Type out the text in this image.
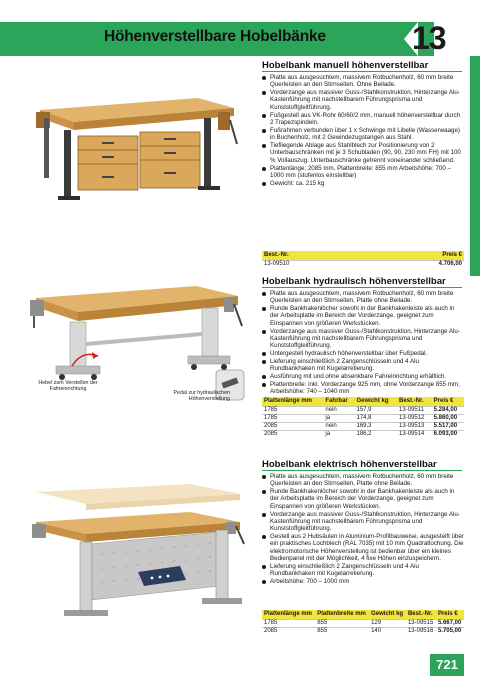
Höhenverstellbare Hobelbänke	13
Hobelbank manuell höhenverstellbar
Platte aus ausgesuchtem, massivem Rotbuchenholz, 60 mm breite Querleisten an den Stirnseiten. Ohne Beilade.
Vorderzange aus massiver Guss-/Stahlkonstruktion, Hinterzange Alu-Kastenführung mit nachstellbarem Führungsprisma und Kunststoffgleitführung.
Fußgestell aus VK-Rohr 60/60/2 mm, manuell höhenverstellbar durch 2 Trapezspindeln.
Fußrahmen verbunden über 1 x Schwinge mit Libelle (Wasserwaage) in Buchenholz, mit 2 Gewindezugstangen aus Stahl.
Tiefliegende Ablage aus Stahlblech zur Positionierung von 2 Unterbauschränken mit je 3 Schubladen (90, 90, 230 mm FH) mit 100 % Vollauszug. Unterbauschränke getrennt voneinander schließend.
Plattenlänge: 2085 mm, Plattenbreite: 855 mm Arbeitshöhe: 700 – 1000 mm (stufenlos einstellbar)
Gewicht: ca. 215 kg
Best.-Nr.	Preis €
13-09510	4.706,00
Hebel zum Verstellen der Fahreinrichtung
Pedal zur hydraulischen Höhenverstellung
Hobelbank hydraulisch höhenverstellbar
Platte aus ausgesuchtem, massivem Rotbuchenholz, 60 mm breite Querleisten an den Stirnseiten, Platte ohne Beilade.
Runde Bankhakenlöcher sowohl in der Bankhakenleiste als auch in der Arbeitsplatte im Bereich der Vorderzange, geeignet zum Einspannen von größeren Werkstücken.
Vorderzange aus massiver Guss-/Stahlkonstruktion, Hinterzange Alu-Kastenführung mit nachstellbarem Führungsprisma und Kunststoffgleitführung.
Untergestell hydraulisch höhenverstellbar über Fußpedal.
Lieferung einschließlich 2 Zangenschlüsseln und 4 Alu Rundbankhaken mit Kugelarretierung.
Ausführung mit und ohne absenkbare Fahreinrichtung erhältlich.
Plattenbreite: inkl. Vorderzange 925 mm, ohne Vorderzange 855 mm, Arbeitshöhe: 740 – 1040 mm
Plattenlänge mm	Fahrbar	Gewicht kg	Best.-Nr.	Preis €
1785	nein	157,9	13-09511	5.284,00
1785	ja	174,8	13-09512	5.860,00
2085	nein	169,3	13-09513	5.517,00
2085	ja	186,2	13-09514	6.093,00
Hobelbank elektrisch höhenverstellbar
Platte aus ausgesuchtem, massivem Rotbuchenholz, 60 mm breite Querleisten an den Stirnseiten, Platte ohne Beilade.
Runde Bankhakenlöcher sowohl in der Bankhakenleiste als auch in der Arbeitsplatte im Bereich der Vorderzange, geeignet zum Einspannen von größeren Werkstücken.
Vorderzange aus massiver Guss-/Stahlkonstruktion, Hinterzange Alu-Kastenführung mit nachstellbarem Führungsprisma und Kunststoffgleitführung.
Gestell aus 2 Hubsäulen in Aluminium-Profilbauweise, ausgesteift über ein praktisches Lochblech (RAL 7035) mit 10 mm Quadratlochung. Die elektromotorische Höhenverstellung ist bedienbar über ein kleines Bedienpanel mit der Möglichkeit, 4 fixe Höhen einzuspeichern.
Lieferung einschließlich 2 Zangenschlüsseln und 4 Alu Rundbankhaken mit Kugelarretierung.
Arbeitshöhe: 700 – 1000 mm
Plattenlänge mm	Plattenbreite mm	Gewicht kg	Best.-Nr.	Preis €
1785	855	129	13-09515	5.667,00
2085	855	140	13-09516	5.705,00
721
